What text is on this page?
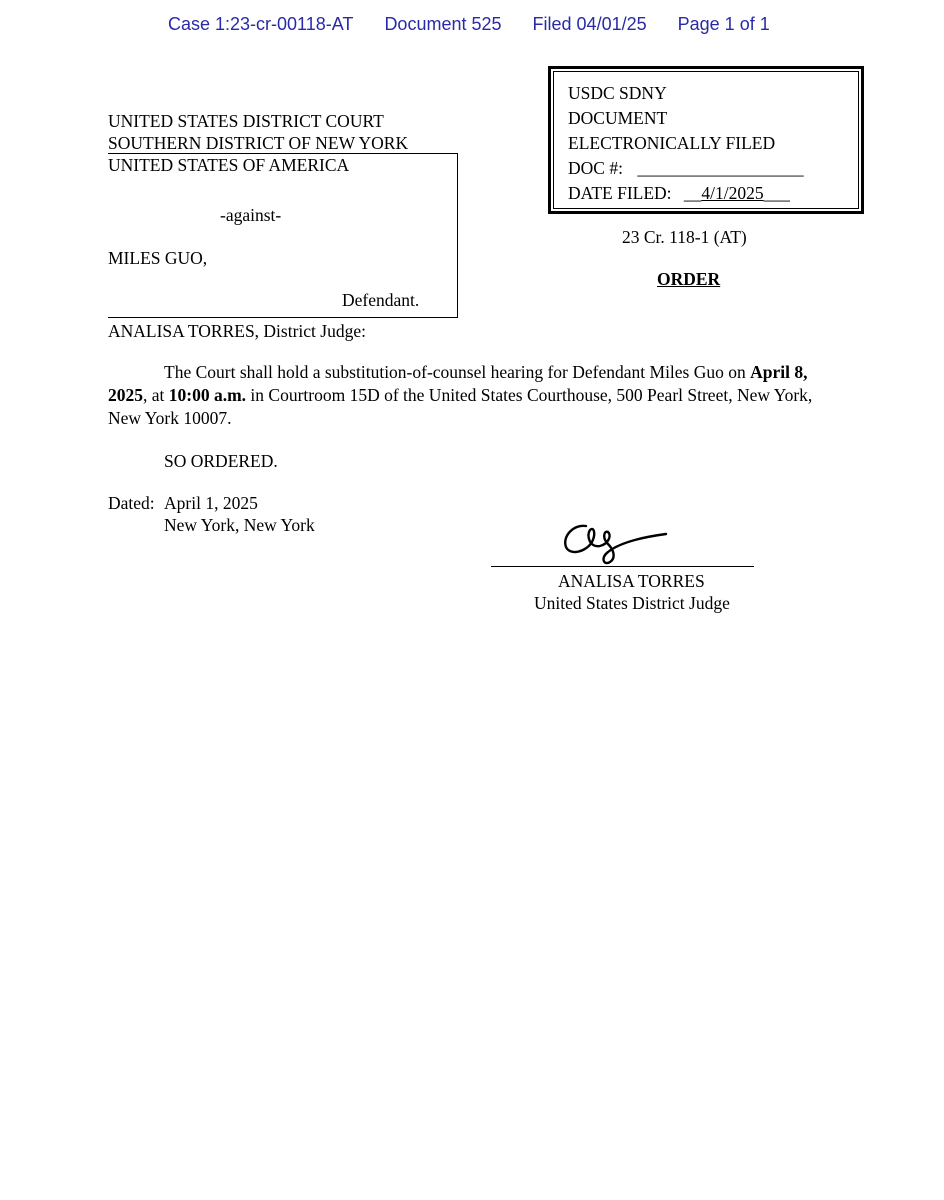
Case 1:23-cr-00118-AT Document 525 Filed 04/01/25 Page 1 of 1
USDC SDNY
DOCUMENT
ELECTRONICALLY FILED
DOC #: ___________________
DATE FILED: __4/1/2025___
UNITED STATES DISTRICT COURT
SOUTHERN DISTRICT OF NEW YORK
UNITED STATES OF AMERICA
-against-
MILES GUO,
Defendant.
23 Cr. 118-1 (AT)
ORDER
ANALISA TORRES, District Judge:
The Court shall hold a substitution-of-counsel hearing for Defendant Miles Guo on April 8, 2025, at 10:00 a.m. in Courtroom 15D of the United States Courthouse, 500 Pearl Street, New York, New York 10007.
SO ORDERED.
Dated: April 1, 2025
New York, New York
ANALISA TORRES
United States District Judge
